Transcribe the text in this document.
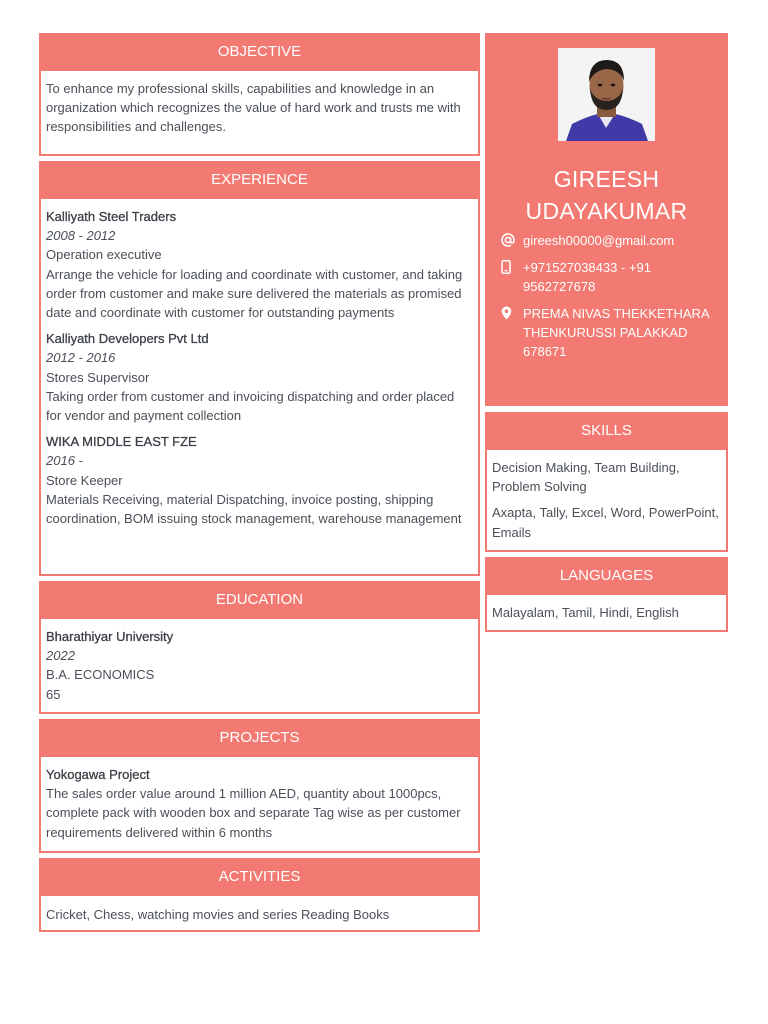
OBJECTIVE

To enhance my professional skills, capabilities and knowledge in an organization which recognizes the value of hard work and trusts me with responsibilities and challenges.

EXPERIENCE
Kalliyath Steel Traders
2008 - 2012
Operation executive
Arrange the vehicle for loading and coordinate with customer, and taking order from customer and make sure delivered the materials as promised date and coordinate with customer for outstanding payments
Kalliyath Developers Pvt Ltd
2012 - 2016
Stores Supervisor
Taking order from customer and invoicing dispatching and order placed for vendor and payment collection
WIKA MIDDLE EAST FZE
2016 -
Store Keeper
Materials Receiving, material Dispatching, invoice posting, shipping coordination, BOM issuing stock management, warehouse management
EDUCATION
Bharathiyar University
2022
B.A. ECONOMICS
65
PROJECTS
Yokogawa Project
The sales order value around 1 million AED, quantity about 1000pcs, complete pack with wooden box and separate Tag wise as per customer requirements delivered within 6 months
ACTIVITIES
Cricket, Chess, watching movies and series Reading Books
GIREESH
UDAYAKUMAR
gireesh00000@gmail.com
+971527038433 - +91 9562727678
PREMA NIVAS THEKKETHARA THENKURUSSI PALAKKAD 678671
SKILLS
Decision Making, Team Building, Problem Solving
Axapta, Tally, Excel, Word, PowerPoint, Emails
LANGUAGES
Malayalam, Tamil, Hindi, English
